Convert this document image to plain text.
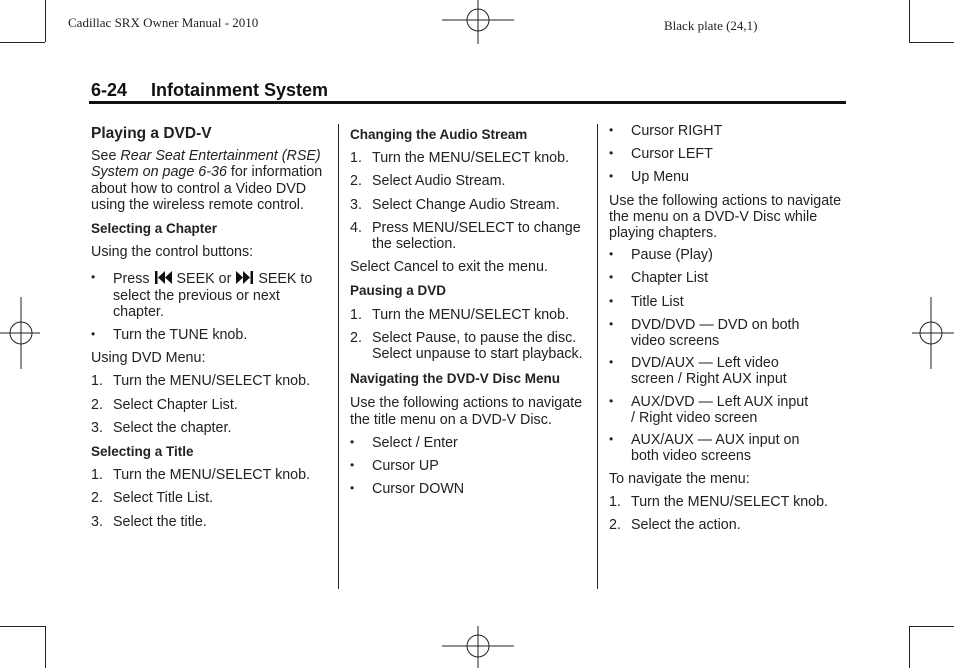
Cadillac SRX Owner Manual - 2010	Black plate (24,1)
6-24 Infotainment System

Playing a DVD-V

See Rear Seat Entertainment (RSE) System on page 6-36 for information about how to control a Video DVD using the wireless remote control.

Selecting a Chapter

Using the control buttons:

• Press SEEK or SEEK to select the previous or next chapter.
• Turn the TUNE knob.

Using DVD Menu:

1. Turn the MENU/SELECT knob.
2. Select Chapter List.
3. Select the chapter.

Selecting a Title

1. Turn the MENU/SELECT knob.
2. Select Title List.
3. Select the title.

Changing the Audio Stream

1. Turn the MENU/SELECT knob.
2. Select Audio Stream.
3. Select Change Audio Stream.
4. Press MENU/SELECT to change the selection.

Select Cancel to exit the menu.

Pausing a DVD

1. Turn the MENU/SELECT knob.
2. Select Pause, to pause the disc. Select unpause to start playback.

Navigating the DVD-V Disc Menu

Use the following actions to navigate the title menu on a DVD-V Disc.

• Select / Enter
• Cursor UP
• Cursor DOWN
• Cursor RIGHT
• Cursor LEFT
• Up Menu

Use the following actions to navigate the menu on a DVD-V Disc while playing chapters.

• Pause (Play)
• Chapter List
• Title List
• DVD/DVD — DVD on both video screens
• DVD/AUX — Left video screen / Right AUX input
• AUX/DVD — Left AUX input / Right video screen
• AUX/AUX — AUX input on both video screens

To navigate the menu:

1. Turn the MENU/SELECT knob.
2. Select the action.
